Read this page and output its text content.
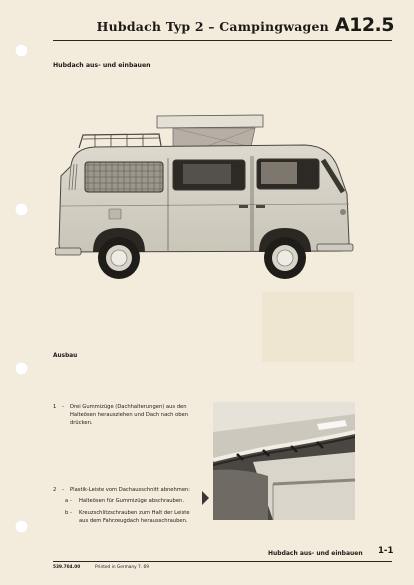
Hubdach Typ 2 – Campingwagen A12.5
Hubdach aus- und einbauen
Ausbau
1 - Drei Gummizüge (Dachhalterungen) aus den
Halteösen herausziehen und Dach nach oben
drücken.
2 - Plastik-Leiste vom Dachausschnitt abnehmen:
a - Halteösen für Gummizüge abschrauben.
b - Kreuzschlitzschrauben zum Halt der Leiste
aus dem Fahrzeugdach herausschrauben.
Hubdach aus- und einbauen 1-1
539.704.00	Printed in Germany 7. 69
